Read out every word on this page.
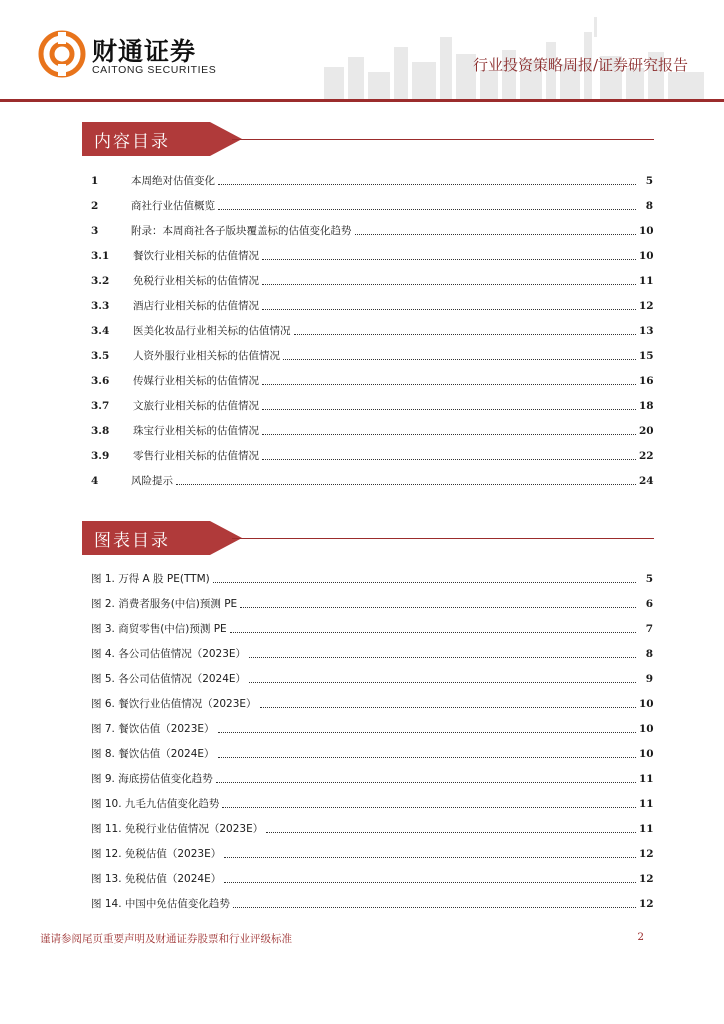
财通证券
CAITONG SECURITIES	行业投资策略周报/证券研究报告
内容目录
1	本周绝对估值变化	5
2	商社行业估值概览	8
3	附录：本周商社各子版块覆盖标的估值变化趋势	10
3.1	餐饮行业相关标的估值情况	10
3.2	免税行业相关标的估值情况	11
3.3	酒店行业相关标的估值情况	12
3.4	医美化妆品行业相关标的估值情况	13
3.5	人资外服行业相关标的估值情况	15
3.6	传媒行业相关标的估值情况	16
3.7	文旅行业相关标的估值情况	18
3.8	珠宝行业相关标的估值情况	20
3.9	零售行业相关标的估值情况	22
4	风险提示	24
图表目录
图 1. 万得 A 股 PE(TTM)	5
图 2. 消费者服务(中信)预测 PE	6
图 3. 商贸零售(中信)预测 PE	7
图 4. 各公司估值情况（2023E）	8
图 5. 各公司估值情况（2024E）	9
图 6. 餐饮行业估值情况（2023E）	10
图 7. 餐饮估值（2023E）	10
图 8. 餐饮估值（2024E）	10
图 9. 海底捞估值变化趋势	11
图 10. 九毛九估值变化趋势	11
图 11. 免税行业估值情况（2023E）	11
图 12. 免税估值（2023E）	12
图 13. 免税估值（2024E）	12
图 14. 中国中免估值变化趋势	12
谨请参阅尾页重要声明及财通证券股票和行业评级标准	2
